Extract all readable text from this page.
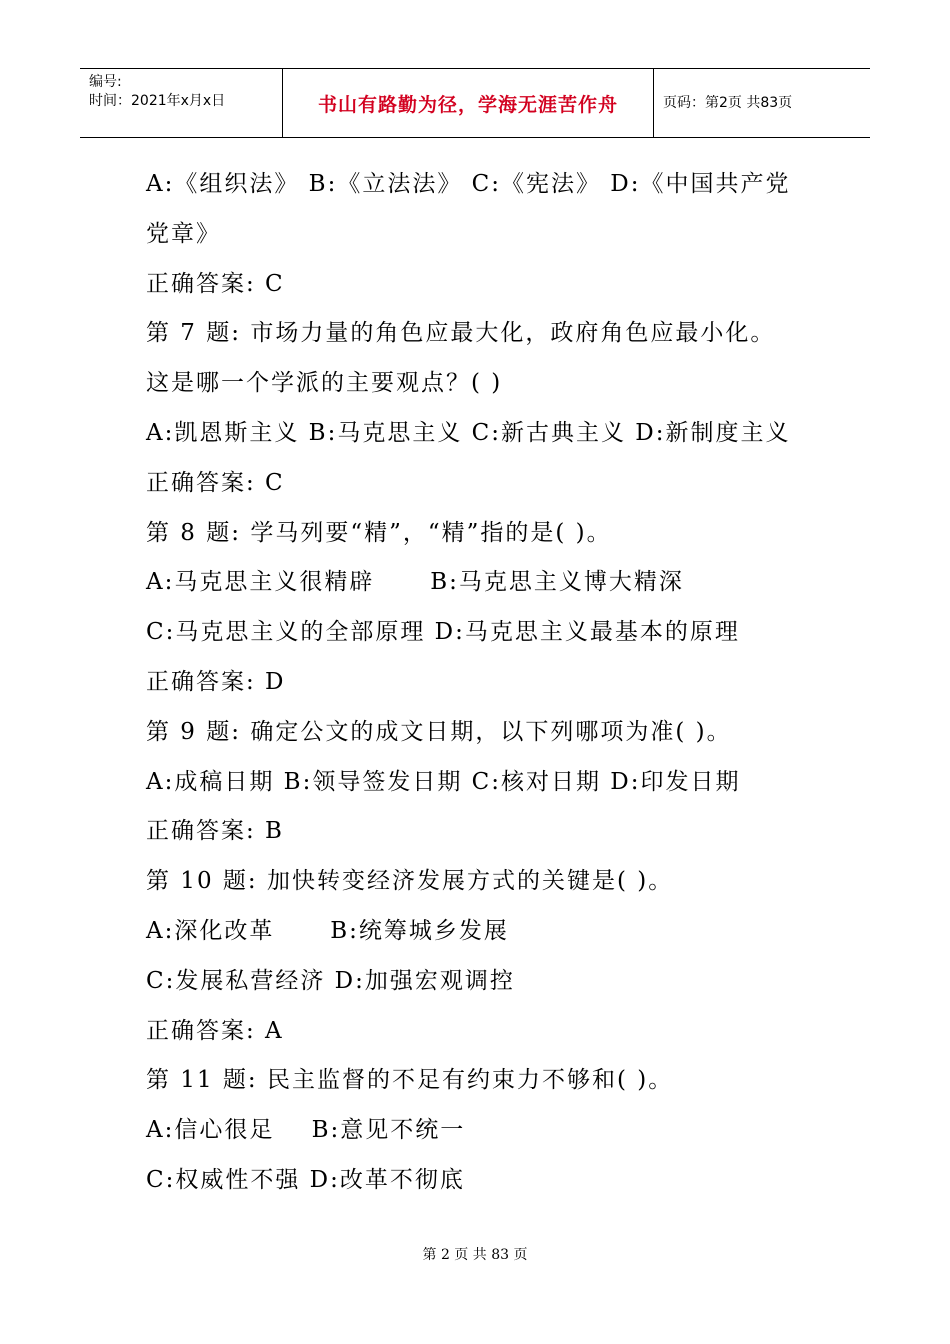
编号:
时间：2021年x月x日	书山有路勤为径，学海无涯苦作舟	页码：第2页 共83页
A:《组织法》 B:《立法法》 C:《宪法》 D:《中国共产党
党章》
正确答案: C
第 7 题: 市场力量的角色应最大化，政府角色应最小化。
这是哪一个学派的主要观点？( )
A:凯恩斯主义 B:马克思主义 C:新古典主义 D:新制度主义
正确答案: C
第 8 题: 学马列要“精”，“精”指的是( )。
A:马克思主义很精辟      B:马克思主义博大精深
C:马克思主义的全部原理 D:马克思主义最基本的原理
正确答案: D
第 9 题: 确定公文的成文日期，以下列哪项为准( )。
A:成稿日期 B:领导签发日期 C:核对日期 D:印发日期
正确答案: B
第 10 题: 加快转变经济发展方式的关键是( )。
A:深化改革      B:统筹城乡发展
C:发展私营经济 D:加强宏观调控
正确答案: A
第 11 题: 民主监督的不足有约束力不够和( )。
A:信心很足    B:意见不统一
C:权威性不强 D:改革不彻底
第 2 页 共 83 页
